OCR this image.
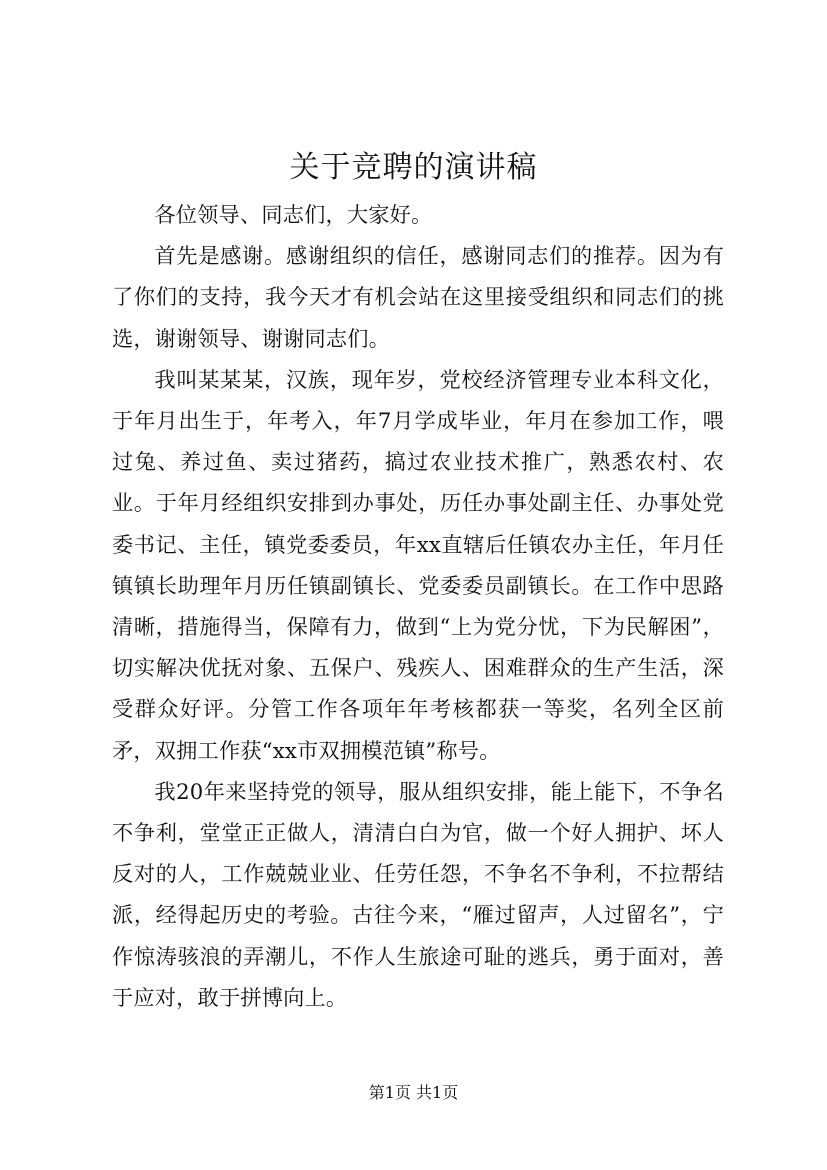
关于竞聘的演讲稿

各位领导、同志们，大家好。

首先是感谢。感谢组织的信任，感谢同志们的推荐。因为有了你们的支持，我今天才有机会站在这里接受组织和同志们的挑选，谢谢领导、谢谢同志们。

我叫某某某，汉族，现年岁，党校经济管理专业本科文化，于年月出生于，年考入，年7月学成毕业，年月在参加工作，喂过兔、养过鱼、卖过猪药，搞过农业技术推广，熟悉农村、农业。于年月经组织安排到办事处，历任办事处副主任、办事处党委书记、主任，镇党委委员，年xx直辖后任镇农办主任，年月任镇镇长助理年月历任镇副镇长、党委委员副镇长。在工作中思路清晰，措施得当，保障有力，做到“上为党分忧，下为民解困”，切实解决优抚对象、五保户、残疾人、困难群众的生产生活，深受群众好评。分管工作各项年年考核都获一等奖，名列全区前矛，双拥工作获“xx市双拥模范镇”称号。

我20年来坚持党的领导，服从组织安排，能上能下，不争名不争利，堂堂正正做人，清清白白为官，做一个好人拥护、坏人反对的人，工作兢兢业业、任劳任怨，不争名不争利，不拉帮结派，经得起历史的考验。古往今来，“雁过留声，人过留名”，宁作惊涛骇浪的弄潮儿，不作人生旅途可耻的逃兵，勇于面对，善于应对，敢于拼博向上。

第1页 共1页
